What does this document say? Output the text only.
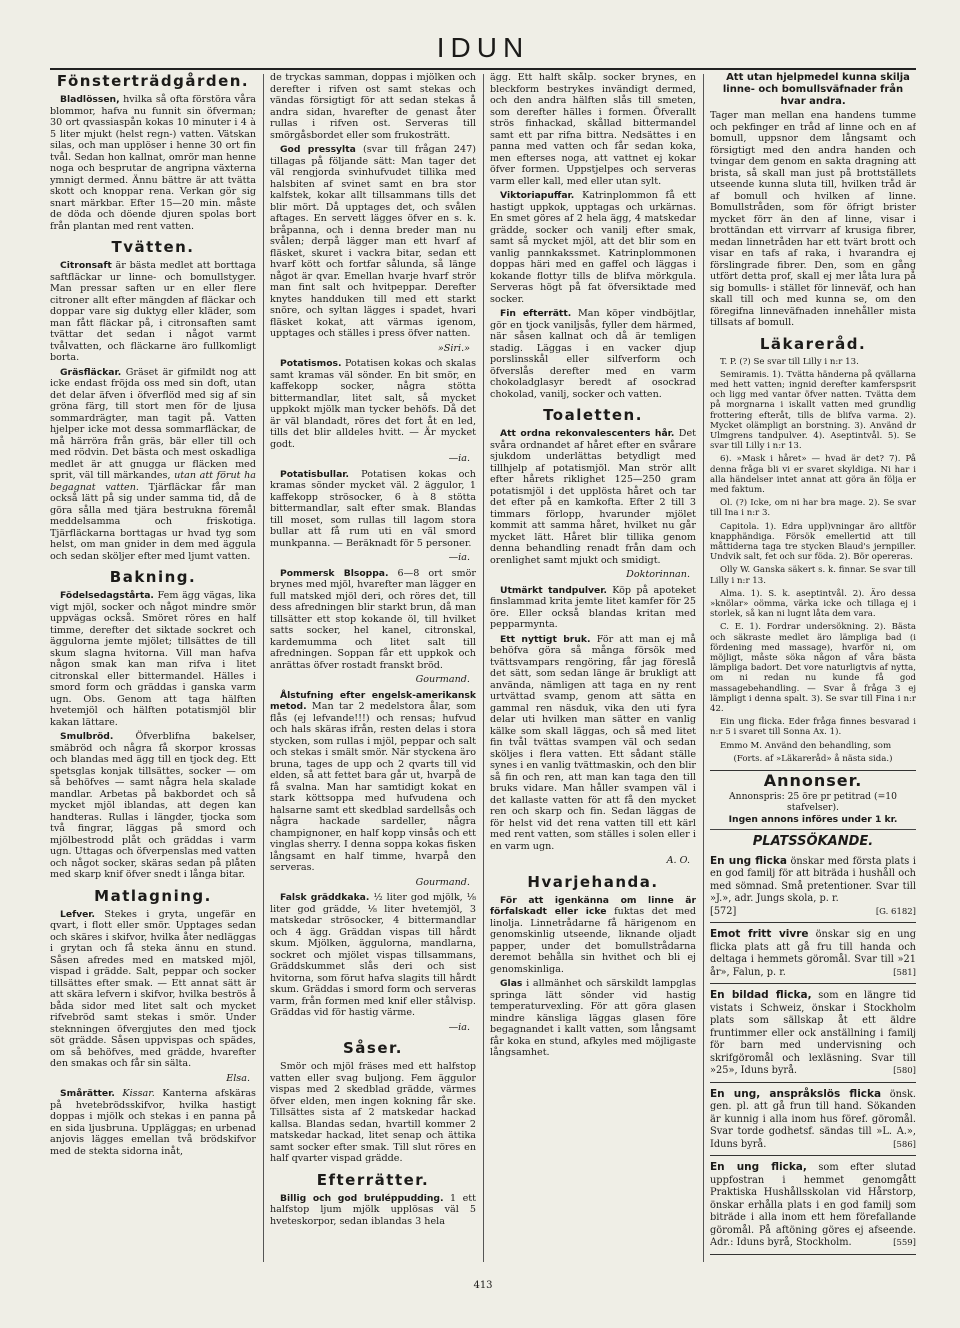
IDUN
Fönsterträdgården.

Bladlössen, hvilka så ofta förstöra våra blommor, hafva nu funnit sin öfverman; 30 ort qvassiaspån kokas 10 minuter i 4 à 5 liter mjukt (helst regn-) vatten. Vätskan silas, och man upplöser i henne 30 ort fin tvål. Sedan hon kallnat, omrör man henne noga och besprutar de angripna växterna ymnigt dermed. Ännu bättre är att tvätta skott och knoppar rena. Verkan gör sig snart märkbar. Efter 15—20 min. måste de döda och döende djuren spolas bort från plantan med rent vatten.

Tvätten.

Citronsaft är bästa medlet att borttaga saftfläckar ur linne- och bomullstyger. Man pressar saften ur en eller flere citroner allt efter mängden af fläckar och doppar vare sig duktyg eller kläder, som man fått fläckar på, i citronsaften samt tvättar det sedan i något varmt tvålvatten, och fläckarne äro fullkomligt borta.

Gräsfläckar. Gräset är gifmildt nog att icke endast fröjda oss med sin doft, utan det delar äfven i öfverflöd med sig af sin gröna färg, till stort men för de ljusa sommardrägter, man tagit på. Vatten hjelper icke mot dessa sommarfläckar, de må härröra från gräs, bär eller till och med rödvin. Det bästa och mest oskadliga medlet är att gnugga ur fläcken med sprit, väl till märkandes, utan att förut ha begagnat vatten. Tjärfläckar får man också lätt på sig under samma tid, då de göra sålla med tjära bestrukna föremål meddelsamma och friskotiga. Tjärfläckarna borttagas ur hvad tyg som helst, om man gnider in dem med äggula och sedan sköljer efter med ljumt vatten.

Bakning.

Födelsedagstårta. Fem ägg vägas, lika vigt mjöl, socker och något mindre smör uppvägas också. Smöret röres en half timme, derefter det siktade sockret och äggulorna jemte mjölet; tillsättes de till skum slagna hvitorna. Vill man hafva någon smak kan man rifva i litet citronskal eller bittermandel. Hälles i smord form och gräddas i ganska varm ugn. Obs. Genom att taga hälften hvetemjöl och hälften potatismjöl blir kakan lättare.

Smulbröd. Öfverblifna bakelser, smäbröd och några få skorpor krossas och blandas med ägg till en tjock deg. Ett spetsglas konjak tillsättes, socker — om så behöfves — samt några hela skalade mandlar. Arbetas på bakbordet och så mycket mjöl iblandas, att degen kan handteras. Rullas i längder, tjocka som två fingrar, läggas på smord och mjölbestrodd plåt och gräddas i varm ugn. Uttagas och öfverpenslas med vatten och något socker, skäras sedan på plåten med skarp knif öfver snedt i långa bitar.

Matlagning.

Lefver. Stekes i gryta, ungefär en qvart, i flott eller smör. Upptages sedan och skäres i skifvor, hvilka åter nedläggas i grytan och få steka ännu en stund. Såsen afredes med en matsked mjöl, vispad i grädde. Salt, peppar och socker tillsättes efter smak. — Ett annat sätt är att skära lefvern i skifvor, hvilka beströs å båda sidor med litet salt och mycket rifvebröd samt stekas i smör. Under steknningen öfvergjutes den med tjock söt grädde. Såsen uppvispas och spädes, om så behöfves, med grädde, hvarefter den smakas och får sin sälta.

Elsa.

Smårätter. Kissar. Kanterna afskäras på hvetebrödsskifvor, hvilka hastigt doppas i mjölk och stekas i en panna på en sida ljusbruna. Uppläggas; en urbenad anjovis lägges emellan två brödskifvor med de stekta sidorna inåt,

de tryckas samman, doppas i mjölken och derefter i rifven ost samt stekas och vändas försigtigt för att sedan stekas å andra sidan, hvarefter de genast åter rullas i rifven ost. Serveras till smörgåsbordet eller som frukosträtt.

God pressylta (svar till frågan 247) tillagas på följande sätt: Man tager det väl rengjorda svinhufvudet tillika med halsbiten af svinet samt en bra stor kalfstek, kokar allt tillsammans tills det blir mört. Då upptages det, och svålen aftages. En servett lägges öfver en s. k. bråpanna, och i denna breder man nu svålen; derpå lägger man ett hvarf af fläsket, skuret i vackra bitar, sedan ett hvarf kött och fortfar sålunda, så länge något är qvar. Emellan hvarje hvarf strör man fint salt och hvitpeppar. Derefter knytes handduken till med ett starkt snöre, och syltan lägges i spadet, hvari fläsket kokat, att värmas igenom, upptages och ställes i press öfver natten.

»Siri.»

Potatismos. Potatisen kokas och skalas samt kramas väl sönder. En bit smör, en kaffekopp socker, några stötta bittermandlar, litet salt, så mycket uppkokt mjölk man tycker behöfs. Då det är väl blandadt, röres det fort åt en led, tills det blir alldeles hvitt. — Är mycket godt.

—ia.

Potatisbullar. Potatisen kokas och kramas sönder mycket väl. 2 äggulor, 1 kaffekopp strösocker, 6 à 8 stötta bittermandlar, salt efter smak. Blandas till moset, som rullas till lagom stora bullar att få rum uti en väl smord munkpanna. — Beräknadt för 5 personer.

—ia.

Pommersk Blsoppa. 6—8 ort smör brynes med mjöl, hvarefter man lägger en full matsked mjöl deri, och röres det, till dess afredningen blir starkt brun, då man tillsätter ett stop kokande öl, till hvilket satts socker, hel kanel, citronskal, kardemumma och litet salt till afredningen. Soppan får ett uppkok och anrättas öfver rostadt franskt bröd.

Gourmand.

Ålstufning efter engelsk-amerikansk metod. Man tar 2 medelstora ålar, som flås (ej lefvande!!!) och rensas; hufvud och hals skäras ifrån, resten delas i stora stycken, som rullas i mjöl, peppar och salt och stekas i smält smör. När styckena äro bruna, tages de upp och 2 qvarts till vid elden, så att fettet bara går ut, hvarpå de få svalna. Man har samtidigt kokat en stark köttsoppa med hufvudena och halsarne samt ett skedblad sardellsås och några hackade sardeller, några champignoner, en half kopp vinsås och ett vinglas sherry. I denna soppa kokas fisken långsamt en half timme, hvarpå den serveras.

Gourmand.

Falsk gräddkaka. ½ liter god mjölk, ⅛ liter god grädde, ⅛ liter hvetemjöl, 3 matskedar strösocker, 4 bittermandlar och 4 ägg. Gräddan vispas till hårdt skum. Mjölken, äggulorna, mandlarna, sockret och mjölet vispas tillsammans, Gräddskummet slås deri och sist hvitorna, som förut hafva slagits till hårdt skum. Gräddas i smord form och serveras varm, från formen med knif eller stålvisp. Gräddas vid för hastig värme.

—ia.

Såser.

Smör och mjöl fräses med ett halfstop vatten eller svag buljong. Fem äggulor vispas med 2 skedblad grädde, värmes öfver elden, men ingen kokning får ske. Tillsättes sista af 2 matskedar hackad kallsa. Blandas sedan, hvartill kommer 2 matskedar hackad, litet senap och ättika samt socker efter smak. Till slut röres en half qvarter vispad grädde.

Efterrätter.

Billig och god bruléppudding. 1 ett halfstop ljum mjölk upplösas väl 5 hveteskorpor, sedan iblandas 3 hela

ägg. Ett halft skålp. socker brynes, en bleckform bestrykes invändigt dermed, och den andra hälften slås till smeten, som derefter hälles i formen. Öfverallt strös finhackad, skållad bittermandel samt ett par rifna bittra. Nedsättes i en panna med vatten och får sedan koka, men efterses noga, att vattnet ej kokar öfver formen. Uppstjelpes och serveras varm eller kall, med eller utan sylt.

Viktoriapuffar. Katrinplommon få ett hastigt uppkok, upptagas och urkärnas. En smet göres af 2 hela ägg, 4 matskedar grädde, socker och vanilj efter smak, samt så mycket mjöl, att det blir som en vanlig pannkakssmet. Katrinplommonen doppas häri med en gaffel och läggas i kokande flottyr tills de blifva mörkgula. Serveras högt på fat öfversiktade med socker.

Fin efterrätt. Man köper vindböjtlar, gör en tjock vaniljsås, fyller dem härmed, när såsen kallnat och då är temligen stadig. Läggas i en vacker djup porslinsskål eller silfverform och öfverslås derefter med en varm chokoladglasyr beredt af osockrad chokolad, vanilj, socker och vatten.

Toaletten.

Att ordna rekonvalescenters hår. Det svåra ordnandet af håret efter en svårare sjukdom underlättas betydligt med tillhjelp af potatismjöl. Man strör allt efter hårets riklighet 125—250 gram potatismjöl i det upplösta håret och tar det efter på en kamkofta. Efter 2 till 3 timmars förlopp, hvarunder mjölet kommit att samma håret, hvilket nu går mycket lätt. Håret blir tillika genom denna behandling renadt från dam och orenlighet samt mjukt och smidigt.

Doktorinnan.

Utmärkt tandpulver. Köp på apoteket finslammad krita jemte litet kamfer för 25 öre. Eller också blandas kritan med pepparmynta.

Ett nyttigt bruk. För att man ej må behöfva göra så många försök med tvättsvampars rengöring, får jag föreslå det sätt, som sedan länge är brukligt att använda, nämligen att taga en ny rent urtvättad svamp, genom att sätta en gammal ren näsduk, vika den uti fyra delar uti hvilken man sätter en vanlig kälke som skall läggas, och så med litet fin tvål tvättas svampen väl och sedan sköljes i flera vatten. Ett sådant ställe synes i en vanlig tvättmaskin, och den blir så fin och ren, att man kan taga den till bruks vidare. Man håller svampen väl i det kallaste vatten för att få den mycket ren och skarp och fin. Sedan läggas de för helst vid det rena vatten till ett kärl med rent vatten, som ställes i solen eller i en varm ugn.

A. O.

Hvarjehanda.

För att igenkänna om linne är förfalskadt eller icke fuktas det med linolja. Linnetrådarne få härigenom en genomskinlig utseende, liknande oljadt papper, under det bomullstrådarna deremot behålla sin hvithet och bli ej genomskinliga.

Glas i allmänhet och särskildt lampglas springa lätt sönder vid hastig temperaturvexling. För att göra glasen mindre känsliga läggas glasen före begagnandet i kallt vatten, som långsamt får koka en stund, afkyles med möjligaste långsamhet.

Att utan hjelpmedel kunna skilja linne- och bomullsväfnader från hvar andra.

Tager man mellan ena handens tumme och pekfinger en tråd af linne och en af bomull, uppsnor dem långsamt och försigtigt med den andra handen och tvingar dem genom en sakta dragning att brista, så skall man just på brottställets utseende kunna sluta till, hvilken tråd är af bomull och hvilken af linne. Bomullstråden, som för öfrigt brister mycket förr än den af linne, visar i brottändan ett virrvarr af krusiga fibrer, medan linnetråden har ett tvärt brott och visar en tafs af raka, i hvarandra ej förslingrade fibrer. Den, som en gång utfört detta prof, skall ej mer låta lura på sig bomulls- i stället för linneväf, och han skall till och med kunna se, om den föregifna linneväfnaden innehåller mista tillsats af bomull.

Läkareråd.

T. P. (?) Se svar till Lilly i n:r 13.

Semiramis. 1). Tvätta händerna på qvällarna med hett vatten; ingnid derefter kamferspsrit och ligg med vantar öfver natten. Tvätta dem på morgnarna i iskallt vatten med grundlig frottering efteråt, tills de blifva varma. 2). Mycket olämpligt an borstning. 3). Använd dr Ulmgrens tandpulver. 4). Aseptintvål. 5). Se svar till Lilly i n:r 13.

6). »Mask i håret» — hvad är det? 7). På denna fråga bli vi er svaret skyldiga. Ni har i alla händelser intet annat att göra än följa er med faktum.

Ol. (?) Icke, om ni har bra mage. 2). Se svar till Ina i n:r 3.

Capitola. 1). Edra uppl)vningar äro alltför knapphändiga. Försök emellertid att till måttiderna taga tre stycken Blaud's jernpiller. Undvik salt, fet och sur föda. 2). Bör opereras.

Olly W. Ganska säkert s. k. finnar. Se svar till Lilly i n:r 13.

Alma. 1). S. k. aseptintvål. 2). Äro dessa »knölar» oömma, värka icke och tillaga ej i storlek, så kan ni lugnt låta dem vara.

C. E. 1). Fordrar undersökning. 2). Bästa och säkraste medlet äro lämpliga bad (i fördening med massage), hvarför ni, om möjligt, måste söka någon af våra bästa lämpliga badort. Det vore naturligtvis af nytta, om ni redan nu kunde få god massagebehandling. — Svar å fråga 3 ej lämpligt i denna spalt. 3). Se svar till Fina i n:r 42.

Ein ung flicka. Eder fråga finnes besvarad i n:r 5 i svaret till Sonna Ax. 1).

Emmo M. Använd den behandling, som

(Forts. af »Läkareråd» å nästa sida.)

Annonser.

Annonspris: 25 öre pr petitrad (=10 stafvelser).

Ingen annons införes under 1 kr.

PLATSSÖKANDE.

En ung flicka önskar med första plats i en god familj för att biträda i hushåll och med sömnad. Små pretentioner. Svar till »J.», adr. Jungs skola, p. r.

[572]	[G. 6182]

Emot fritt vivre önskar sig en ung flicka plats att gå fru till handa och deltaga i hemmets göromål. Svar till »21 år», Falun, p. r.	[581]

En bildad flicka, som en längre tid vistats i Schweiz, önskar i Stockholm plats som sällskap åt ett äldre fruntimmer eller ock anställning i familj för barn med undervisning och skrifgöromål och lexläsning. Svar till »25», Iduns byrå.	[580]

En ung, anspråkslös flicka önsk. gen. pl. att gå frun till hand. Sökanden är kunnig i alla inom hus föref. göromål. Svar torde godhetsf. sändas till »L. A.», Iduns byrå.	[586]

En ung flicka, som efter slutad uppfostran i hemmet genomgått Praktiska Hushållsskolan vid Hårstorp, önskar erhålla plats i en god familj som biträde i alla inom ett hem förefallande göromål. På aftöning göres ej afseende. Adr.: Iduns byrå, Stockholm.	[559]

413
